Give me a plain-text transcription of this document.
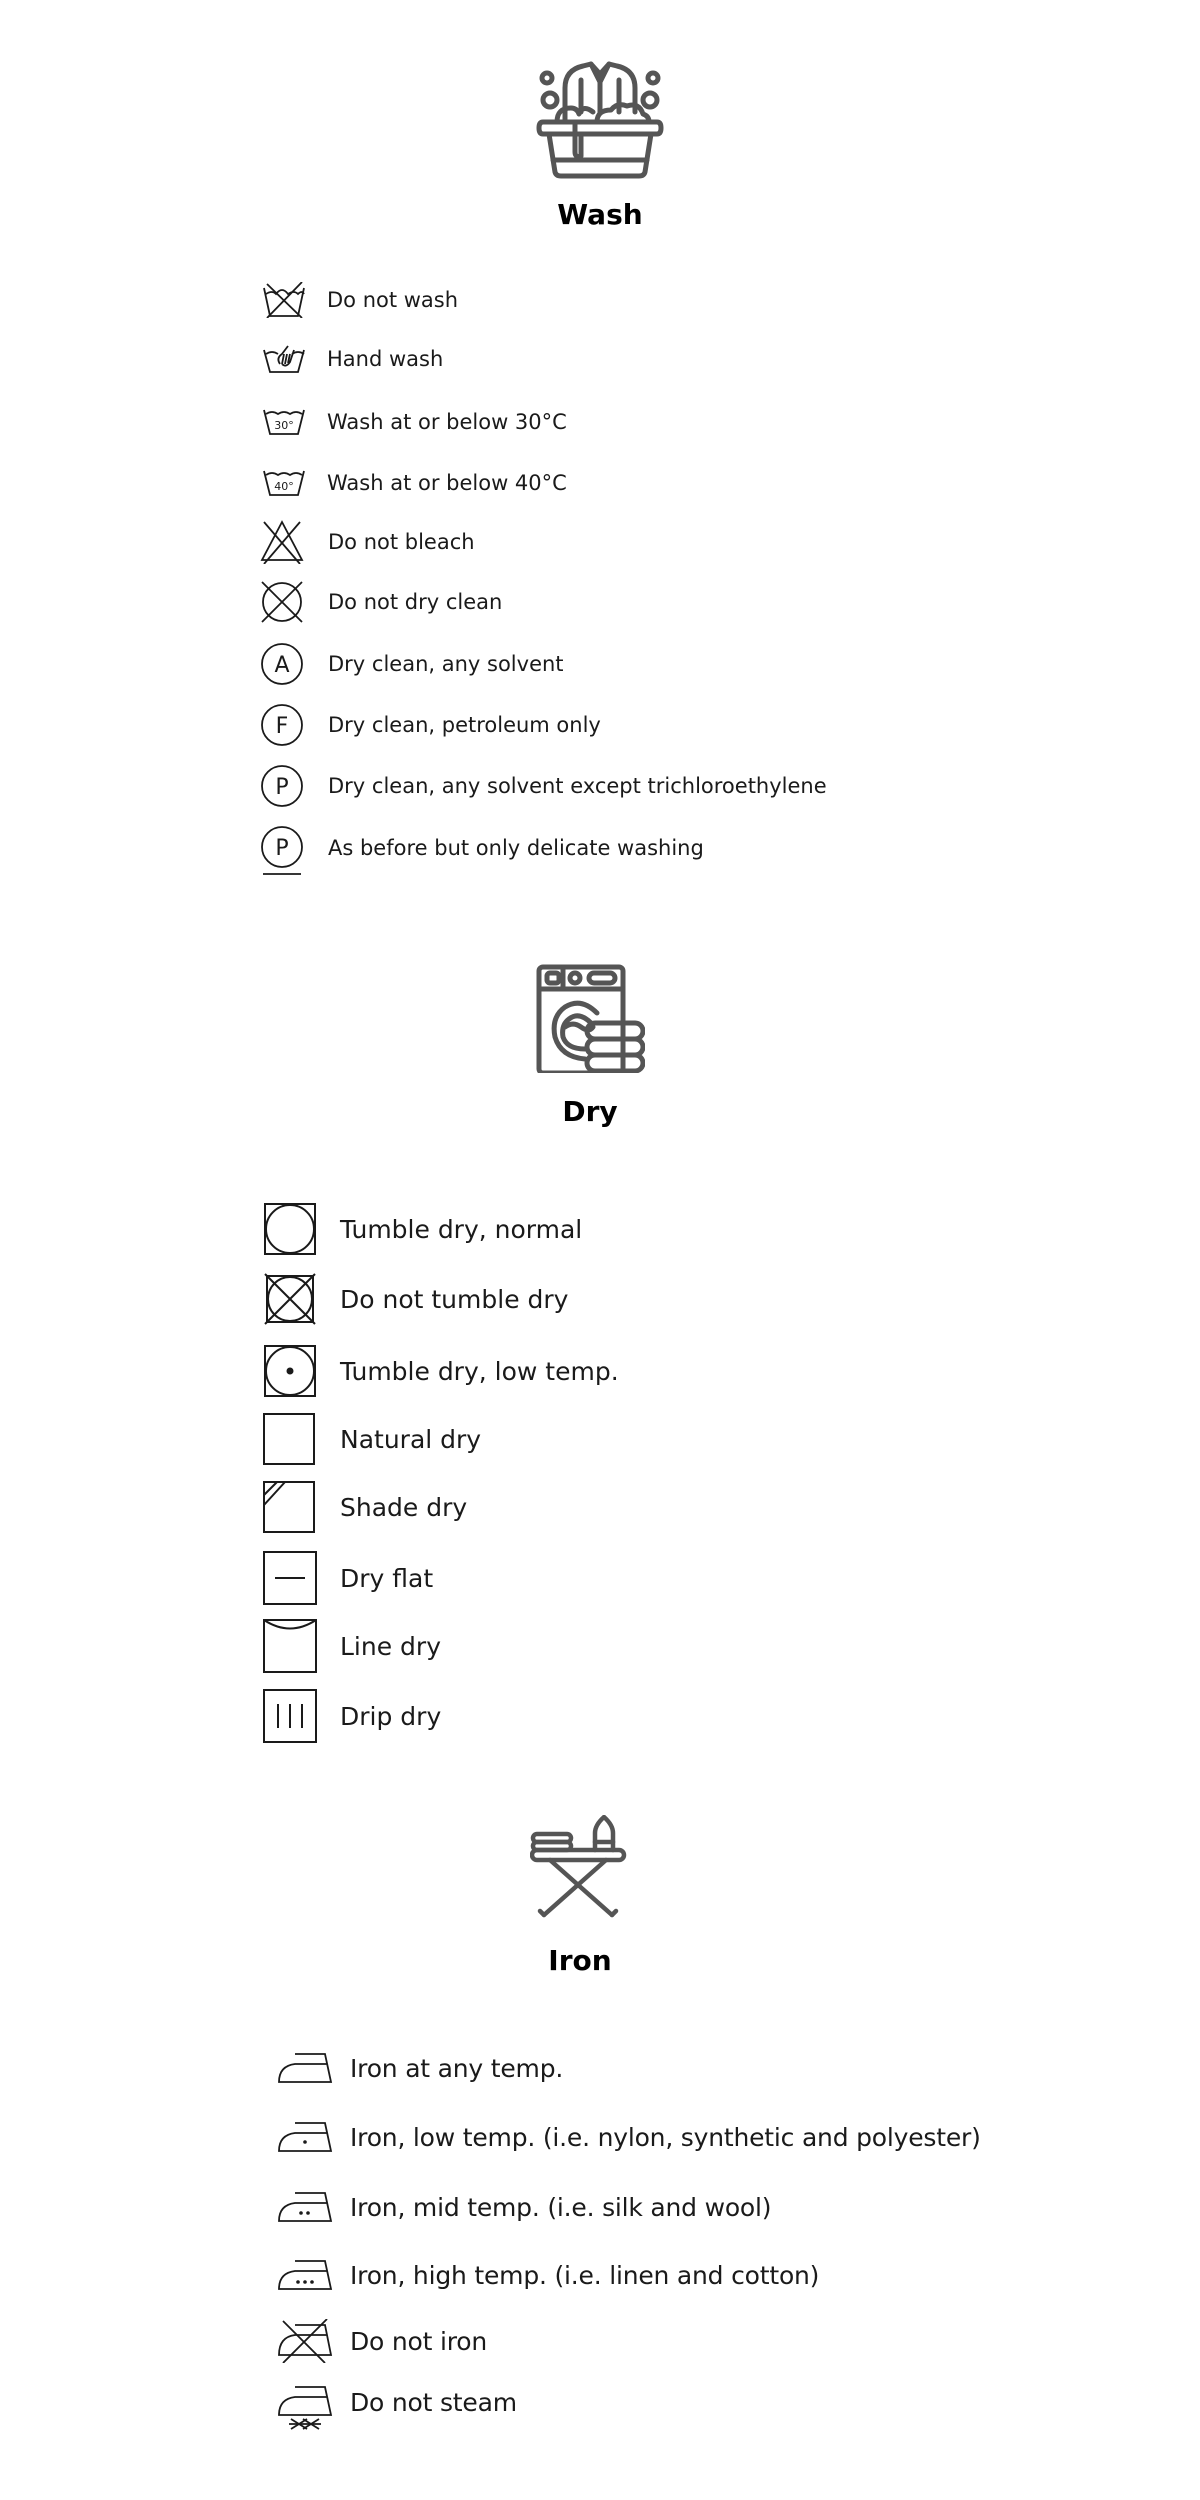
Wash
Do not wash
Hand wash
30° Wash at or below 30°C
40° Wash at or below 40°C
Do not bleach
Do not dry clean
A Dry clean, any solvent
F Dry clean, petroleum only
P Dry clean, any solvent except trichloroethylene
P As before but only delicate washing
Dry
Tumble dry, normal
Do not tumble dry
Tumble dry, low temp.
Natural dry
Shade dry
Dry flat
Line dry
Drip dry
Iron
Iron at any temp.
Iron, low temp. (i.e. nylon, synthetic and polyester)
Iron, mid temp. (i.e. silk and wool)
Iron, high temp. (i.e. linen and cotton)
Do not iron
Do not steam
